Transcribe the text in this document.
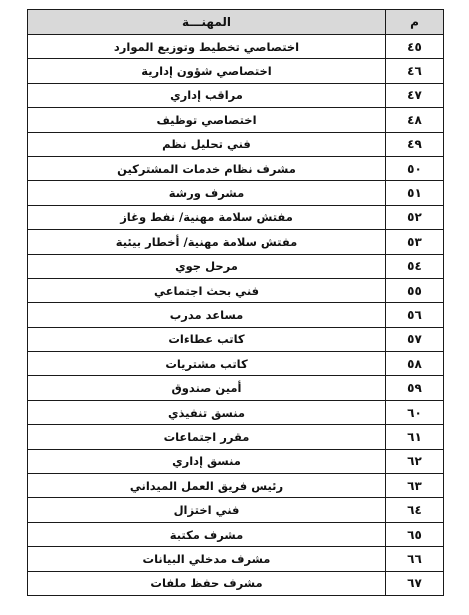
م	المهنـــة
٤٥	اختصاصي تخطيط وتوزيع الموارد
٤٦	اختصاصي شؤون إدارية
٤٧	مراقب إداري
٤٨	اختصاصي توظيف
٤٩	فني تحليل نظم
٥٠	مشرف نظام خدمات المشتركين
٥١	مشرف ورشة
٥٢	مفتش سلامة مهنية/ نفط وغاز
٥٣	مفتش سلامة مهنية/ أخطار بيئية
٥٤	مرحل جوي
٥٥	فني بحث اجتماعي
٥٦	مساعد مدرب
٥٧	كاتب عطاءات
٥٨	كاتب مشتريات
٥٩	أمين صندوق
٦٠	منسق تنفيذي
٦١	مقرر اجتماعات
٦٢	منسق إداري
٦٣	رئيس فريق العمل الميداني
٦٤	فني اختزال
٦٥	مشرف مكتبة
٦٦	مشرف مدخلي البيانات
٦٧	مشرف حفظ ملفات
